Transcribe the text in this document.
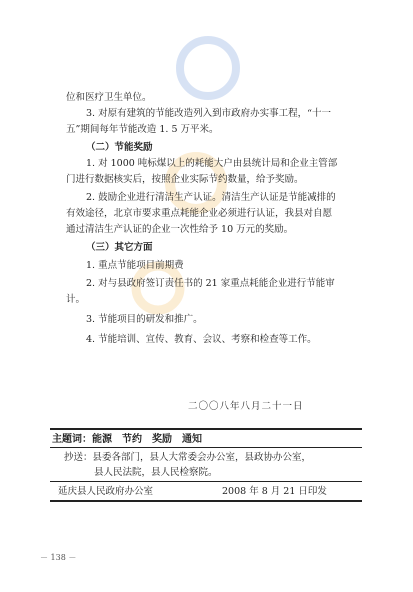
位和医疗卫生单位。
3. 对原有建筑的节能改造列入到市政府办实事工程，“十一
五”期间每年节能改造 1. 5 万平米。
（二）节能奖励
1. 对 1000 吨标煤以上的耗能大户由县统计局和企业主管部
门进行数据核实后，按照企业实际节约数量，给予奖励。
2. 鼓励企业进行清洁生产认证。清洁生产认证是节能减排的
有效途径，北京市要求重点耗能企业必须进行认证，我县对自愿
通过清洁生产认证的企业一次性给予 10 万元的奖励。
（三）其它方面
1. 重点节能项目前期费
2. 对与县政府签订责任书的 21 家重点耗能企业进行节能审
计。
3. 节能项目的研发和推广。
4. 节能培训、宣传、教育、会议、考察和检查等工作。
二〇〇八年八月二十一日
主题词：能源　节约　奖励　通知
抄送：县委各部门，县人大常委会办公室，县政协办公室，
县人民法院，县人民检察院。
延庆县人民政府办公室	2008 年 8 月 21 日印发
－ 138 －
